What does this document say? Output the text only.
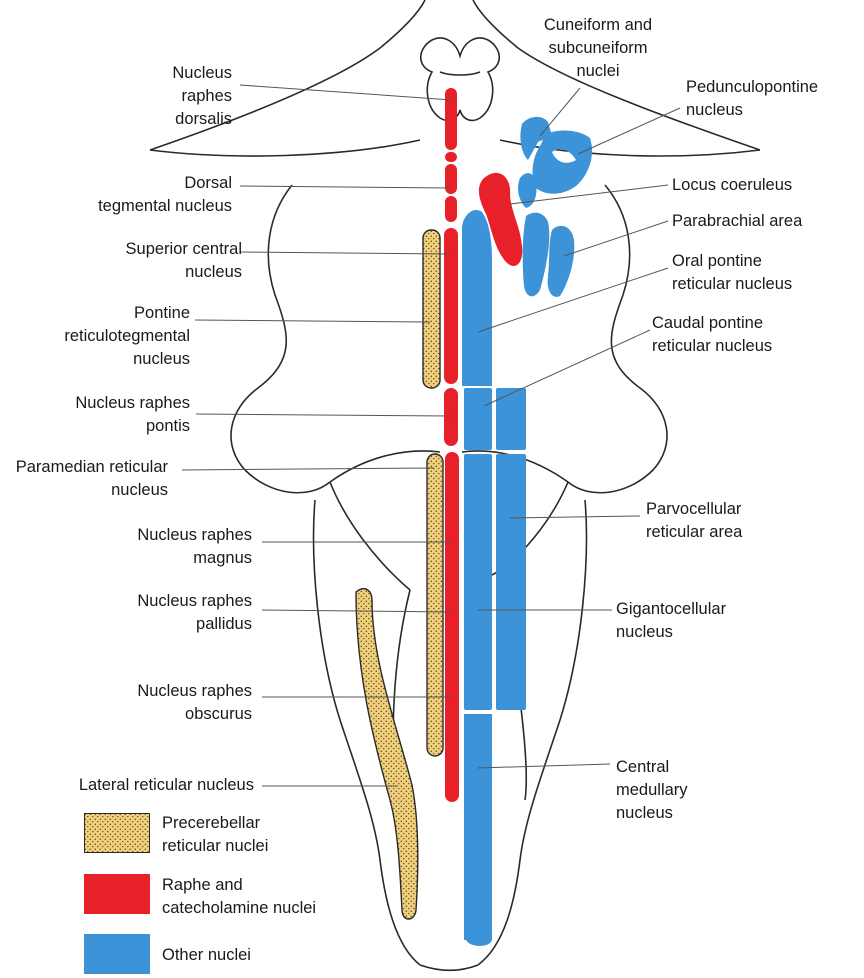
Nucleus
raphes
dorsalis
Dorsal
tegmental nucleus
Superior central
nucleus
Pontine
reticulotegmental
nucleus
Nucleus raphes
pontis
Paramedian reticular
nucleus
Nucleus raphes
magnus
Nucleus raphes
pallidus
Nucleus raphes
obscurus
Lateral reticular nucleus
Cuneiform and
subcuneiform
nuclei
Pedunculopontine
nucleus
Locus coeruleus
Parabrachial area
Oral pontine
reticular nucleus
Caudal pontine
reticular nucleus
Parvocellular
reticular area
Gigantocellular
nucleus
Central
medullary
nucleus
Precerebellar
reticular nuclei
Raphe and
catecholamine nuclei
Other nuclei
